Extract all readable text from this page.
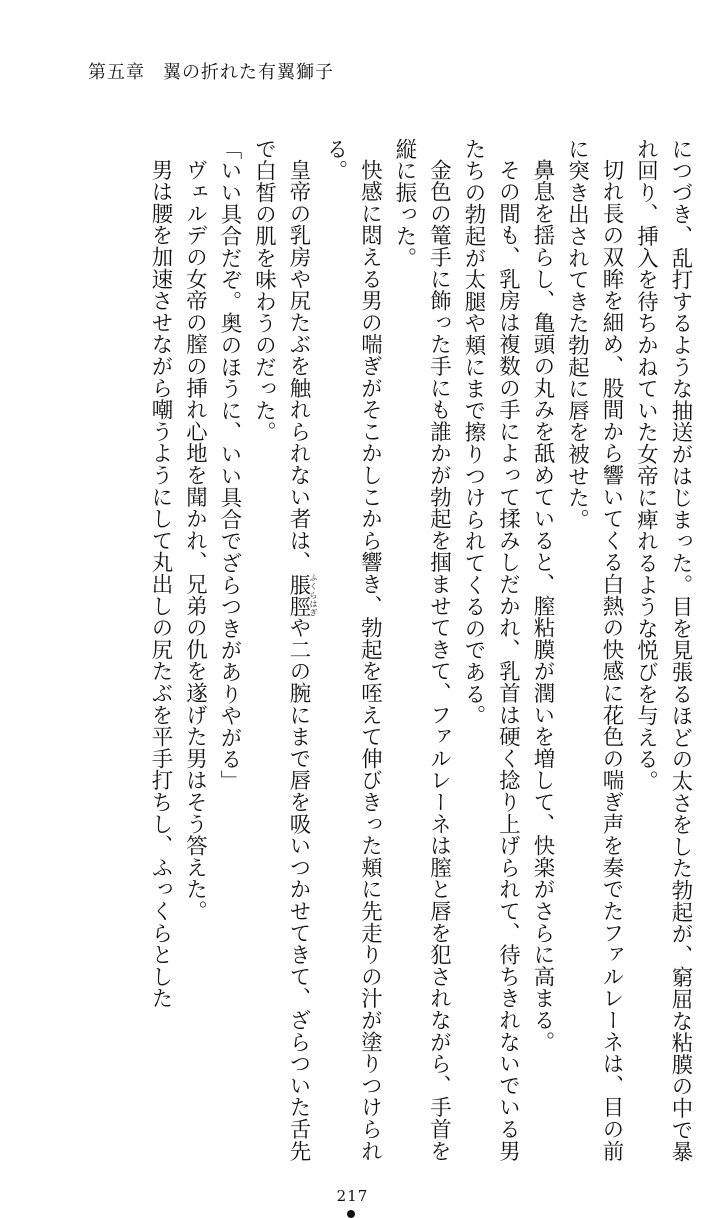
第五章 翼の折れた有翼獅子

につづき、乱打するような抽送がはじまった。目を見張るほどの太さをした勃起が、窮屈な粘膜の中で暴れ回り、挿入を待ちかねていた女帝に痺れるような悦びを与える。

切れ長の双眸を細め、股間から響いてくる白熱の快感に花色の喘ぎ声を奏でたファルレーネは、目の前に突き出されてきた勃起に唇を被せた。

鼻息を揺らし、亀頭の丸みを舐めていると、膣粘膜が潤いを増して、快楽がさらに高まる。

その間も、乳房は複数の手によって揉みしだかれ、乳首は硬く捻り上げられて、待ちきれないでいる男たちの勃起が太腿や頬にまで擦りつけられてくるのである。

金色の篭手に飾った手にも誰かが勃起を掴ませてきて、ファルレーネは膣と唇を犯されながら、手首を縦に振った。

快感に悶える男の喘ぎがそこかしこから響き、勃起を咥えて伸びきった頬に先走りの汁が塗りつけられる。

皇帝の乳房や尻たぶを触れられない者は、脹脛ふくらはぎや二の腕にまで唇を吸いつかせてきて、ざらついた舌先で白皙の肌を味わうのだった。

「いい具合だぞ。奥のほうに、いい具合でざらつきがありやがる」

ヴェルデの女帝の膣の挿れ心地を聞かれ、兄弟の仇を遂げた男はそう答えた。

男は腰を加速させながら嘲うようにして丸出しの尻たぶを平手打ちし、ふっくらとした

217
